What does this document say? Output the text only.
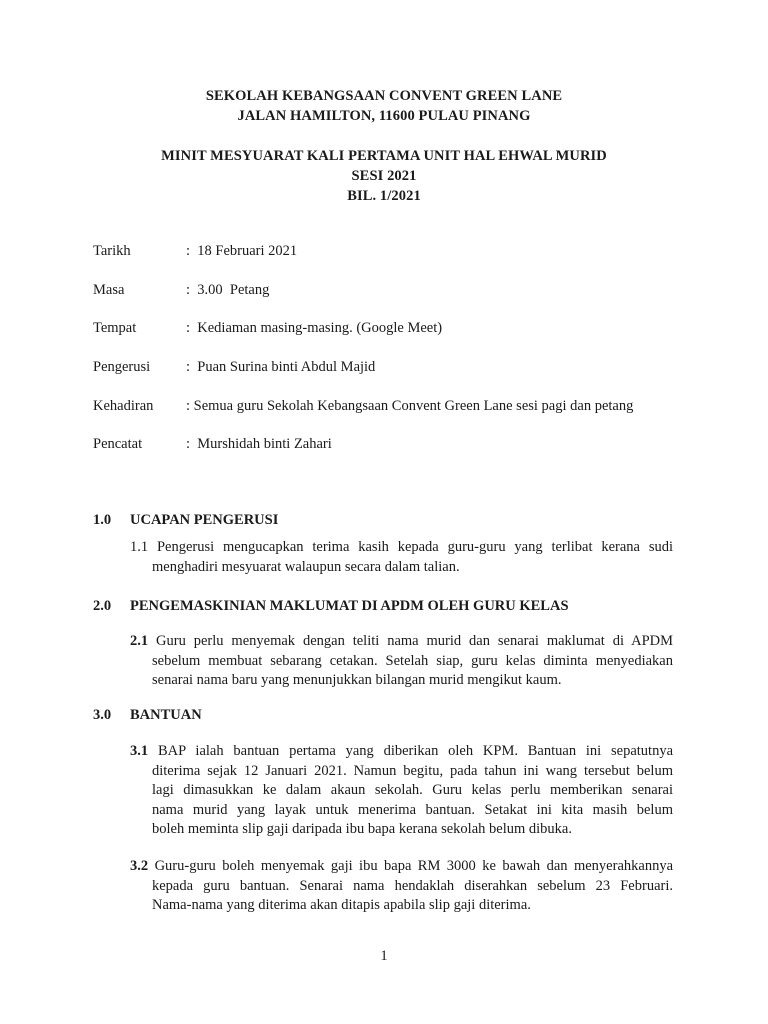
SEKOLAH KEBANGSAAN CONVENT GREEN LANE
JALAN HAMILTON, 11600 PULAU PINANG
MINIT MESYUARAT KALI PERTAMA UNIT HAL EHWAL MURID
SESI 2021
BIL. 1/2021
Tarikh	:  18 Februari 2021
Masa	:  3.00  Petang
Tempat	:  Kediaman masing-masing. (Google Meet)
Pengerusi :  Puan Surina binti Abdul Majid
Kehadiran : Semua guru Sekolah Kebangsaan Convent Green Lane sesi pagi dan petang
Pencatat	:  Murshidah binti Zahari
1.0 UCAPAN PENGERUSI
1.1 Pengerusi mengucapkan terima kasih kepada guru-guru yang terlibat kerana sudi
menghadiri mesyuarat walaupun secara dalam talian.
2.0 PENGEMASKINIAN MAKLUMAT DI APDM OLEH GURU KELAS
2.1 Guru perlu menyemak dengan teliti nama murid dan senarai maklumat di APDM
sebelum membuat sebarang cetakan. Setelah siap, guru kelas diminta menyediakan
senarai nama baru yang menunjukkan bilangan murid mengikut kaum.
3.0 BANTUAN
3.1 BAP ialah bantuan pertama yang diberikan oleh KPM. Bantuan ini sepatutnya
diterima sejak 12 Januari 2021. Namun begitu, pada tahun ini wang tersebut belum
lagi dimasukkan ke dalam akaun sekolah. Guru kelas perlu memberikan senarai
nama murid yang layak untuk menerima bantuan. Setakat ini kita masih belum
boleh meminta slip gaji daripada ibu bapa kerana sekolah belum dibuka.
3.2 Guru-guru boleh menyemak gaji ibu bapa RM 3000 ke bawah dan menyerahkannya
kepada guru bantuan. Senarai nama hendaklah diserahkan sebelum 23 Februari.
Nama-nama yang diterima akan ditapis apabila slip gaji diterima.
1
